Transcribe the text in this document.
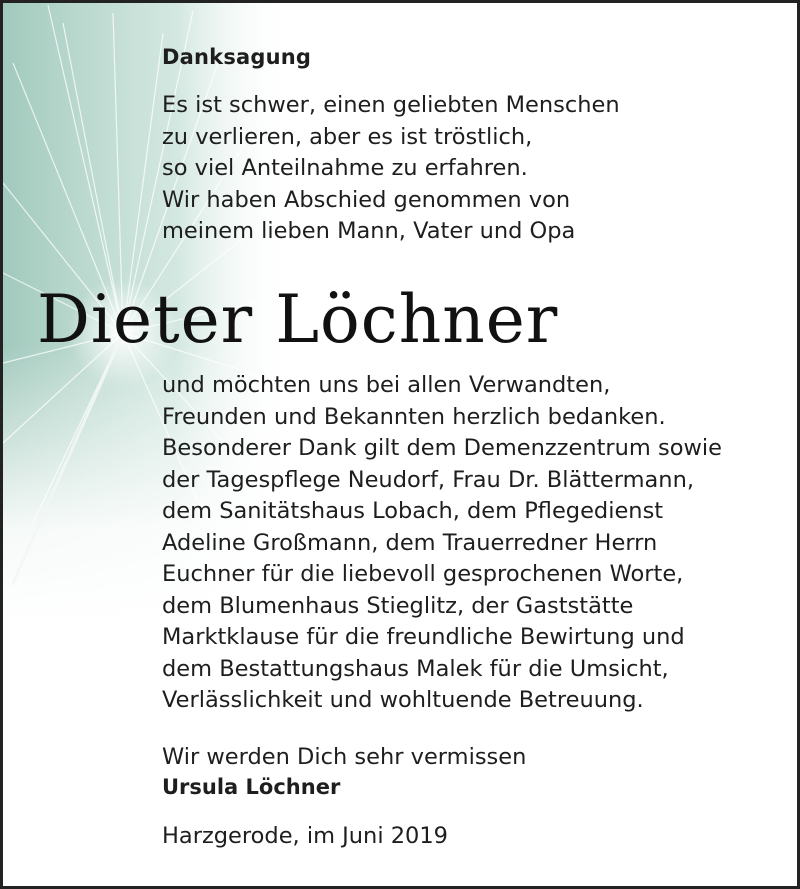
Danksagung
Es ist schwer, einen geliebten Menschen
zu verlieren, aber es ist tröstlich,
so viel Anteilnahme zu erfahren.
Wir haben Abschied genommen von
meinem lieben Mann, Vater und Opa
Dieter Löchner
und möchten uns bei allen Verwandten,
Freunden und Bekannten herzlich bedanken.
Besonderer Dank gilt dem Demenzzentrum sowie
der Tagespflege Neudorf, Frau Dr. Blättermann,
dem Sanitätshaus Lobach, dem Pflegedienst
Adeline Großmann, dem Trauerredner Herrn
Euchner für die liebevoll gesprochenen Worte,
dem Blumenhaus Stieglitz, der Gaststätte
Marktklause für die freundliche Bewirtung und
dem Bestattungshaus Malek für die Umsicht,
Verlässlichkeit und wohltuende Betreuung.
Wir werden Dich sehr vermissen
Ursula Löchner
Harzgerode, im Juni 2019
